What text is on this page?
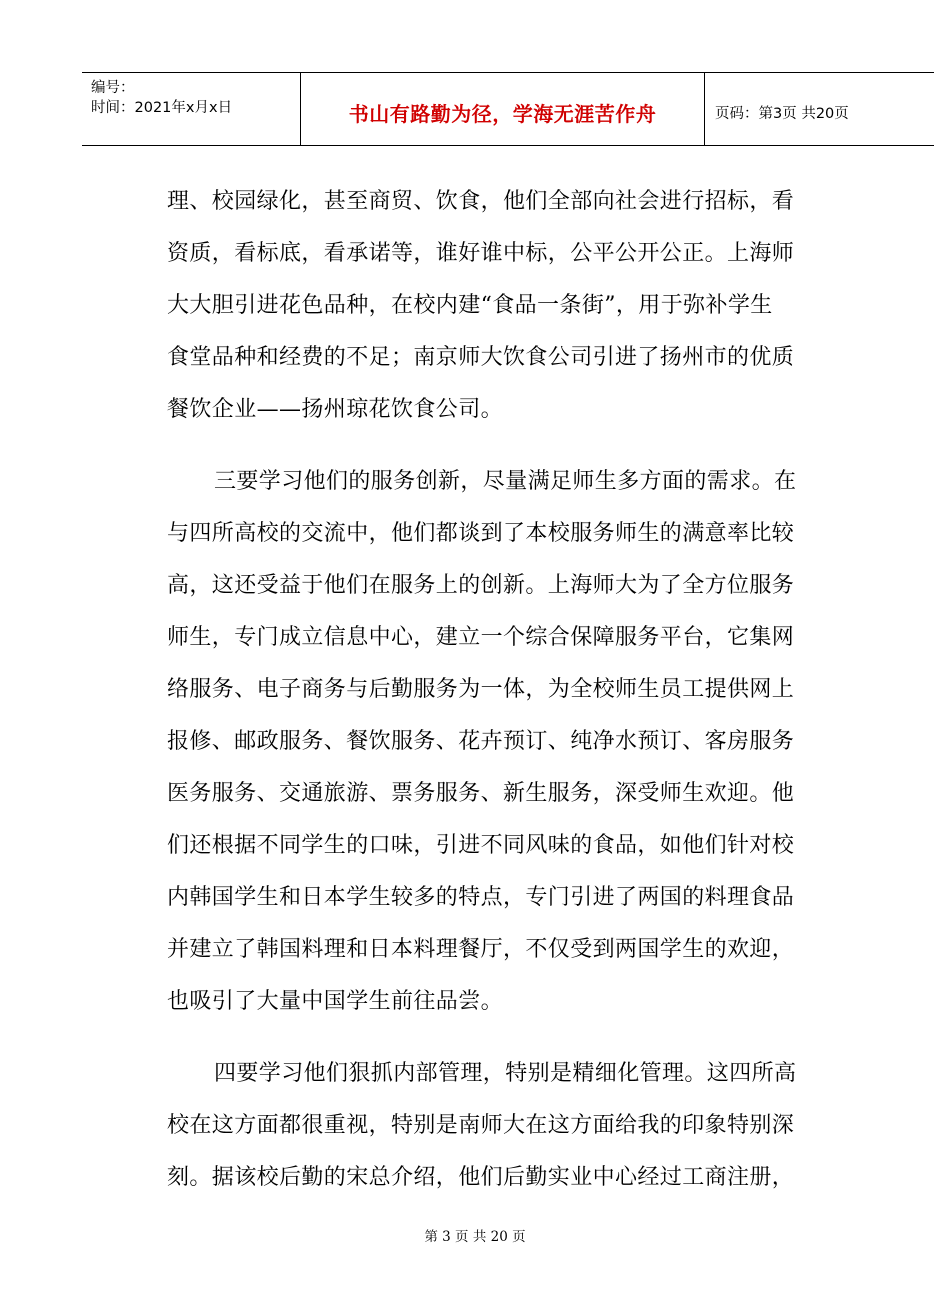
编号：
时间：2021年x月x日	书山有路勤为径，学海无涯苦作舟	页码：第3页 共20页
理、校园绿化，甚至商贸、饮食，他们全部向社会进行招标，看
资质，看标底，看承诺等，谁好谁中标，公平公开公正。上海师
大大胆引进花色品种，在校内建“食品一条街”，用于弥补学生
食堂品种和经费的不足；南京师大饮食公司引进了扬州市的优质
餐饮企业——扬州琼花饮食公司。
三要学习他们的服务创新，尽量满足师生多方面的需求。在
与四所高校的交流中，他们都谈到了本校服务师生的满意率比较
高，这还受益于他们在服务上的创新。上海师大为了全方位服务
师生，专门成立信息中心，建立一个综合保障服务平台，它集网
络服务、电子商务与后勤服务为一体，为全校师生员工提供网上
报修、邮政服务、餐饮服务、花卉预订、纯净水预订、客房服务
医务服务、交通旅游、票务服务、新生服务，深受师生欢迎。他
们还根据不同学生的口味，引进不同风味的食品，如他们针对校
内韩国学生和日本学生较多的特点，专门引进了两国的料理食品
并建立了韩国料理和日本料理餐厅，不仅受到两国学生的欢迎，
也吸引了大量中国学生前往品尝。
四要学习他们狠抓内部管理，特别是精细化管理。这四所高
校在这方面都很重视，特别是南师大在这方面给我的印象特别深
刻。据该校后勤的宋总介绍，他们后勤实业中心经过工商注册，
第 3 页 共 20 页
